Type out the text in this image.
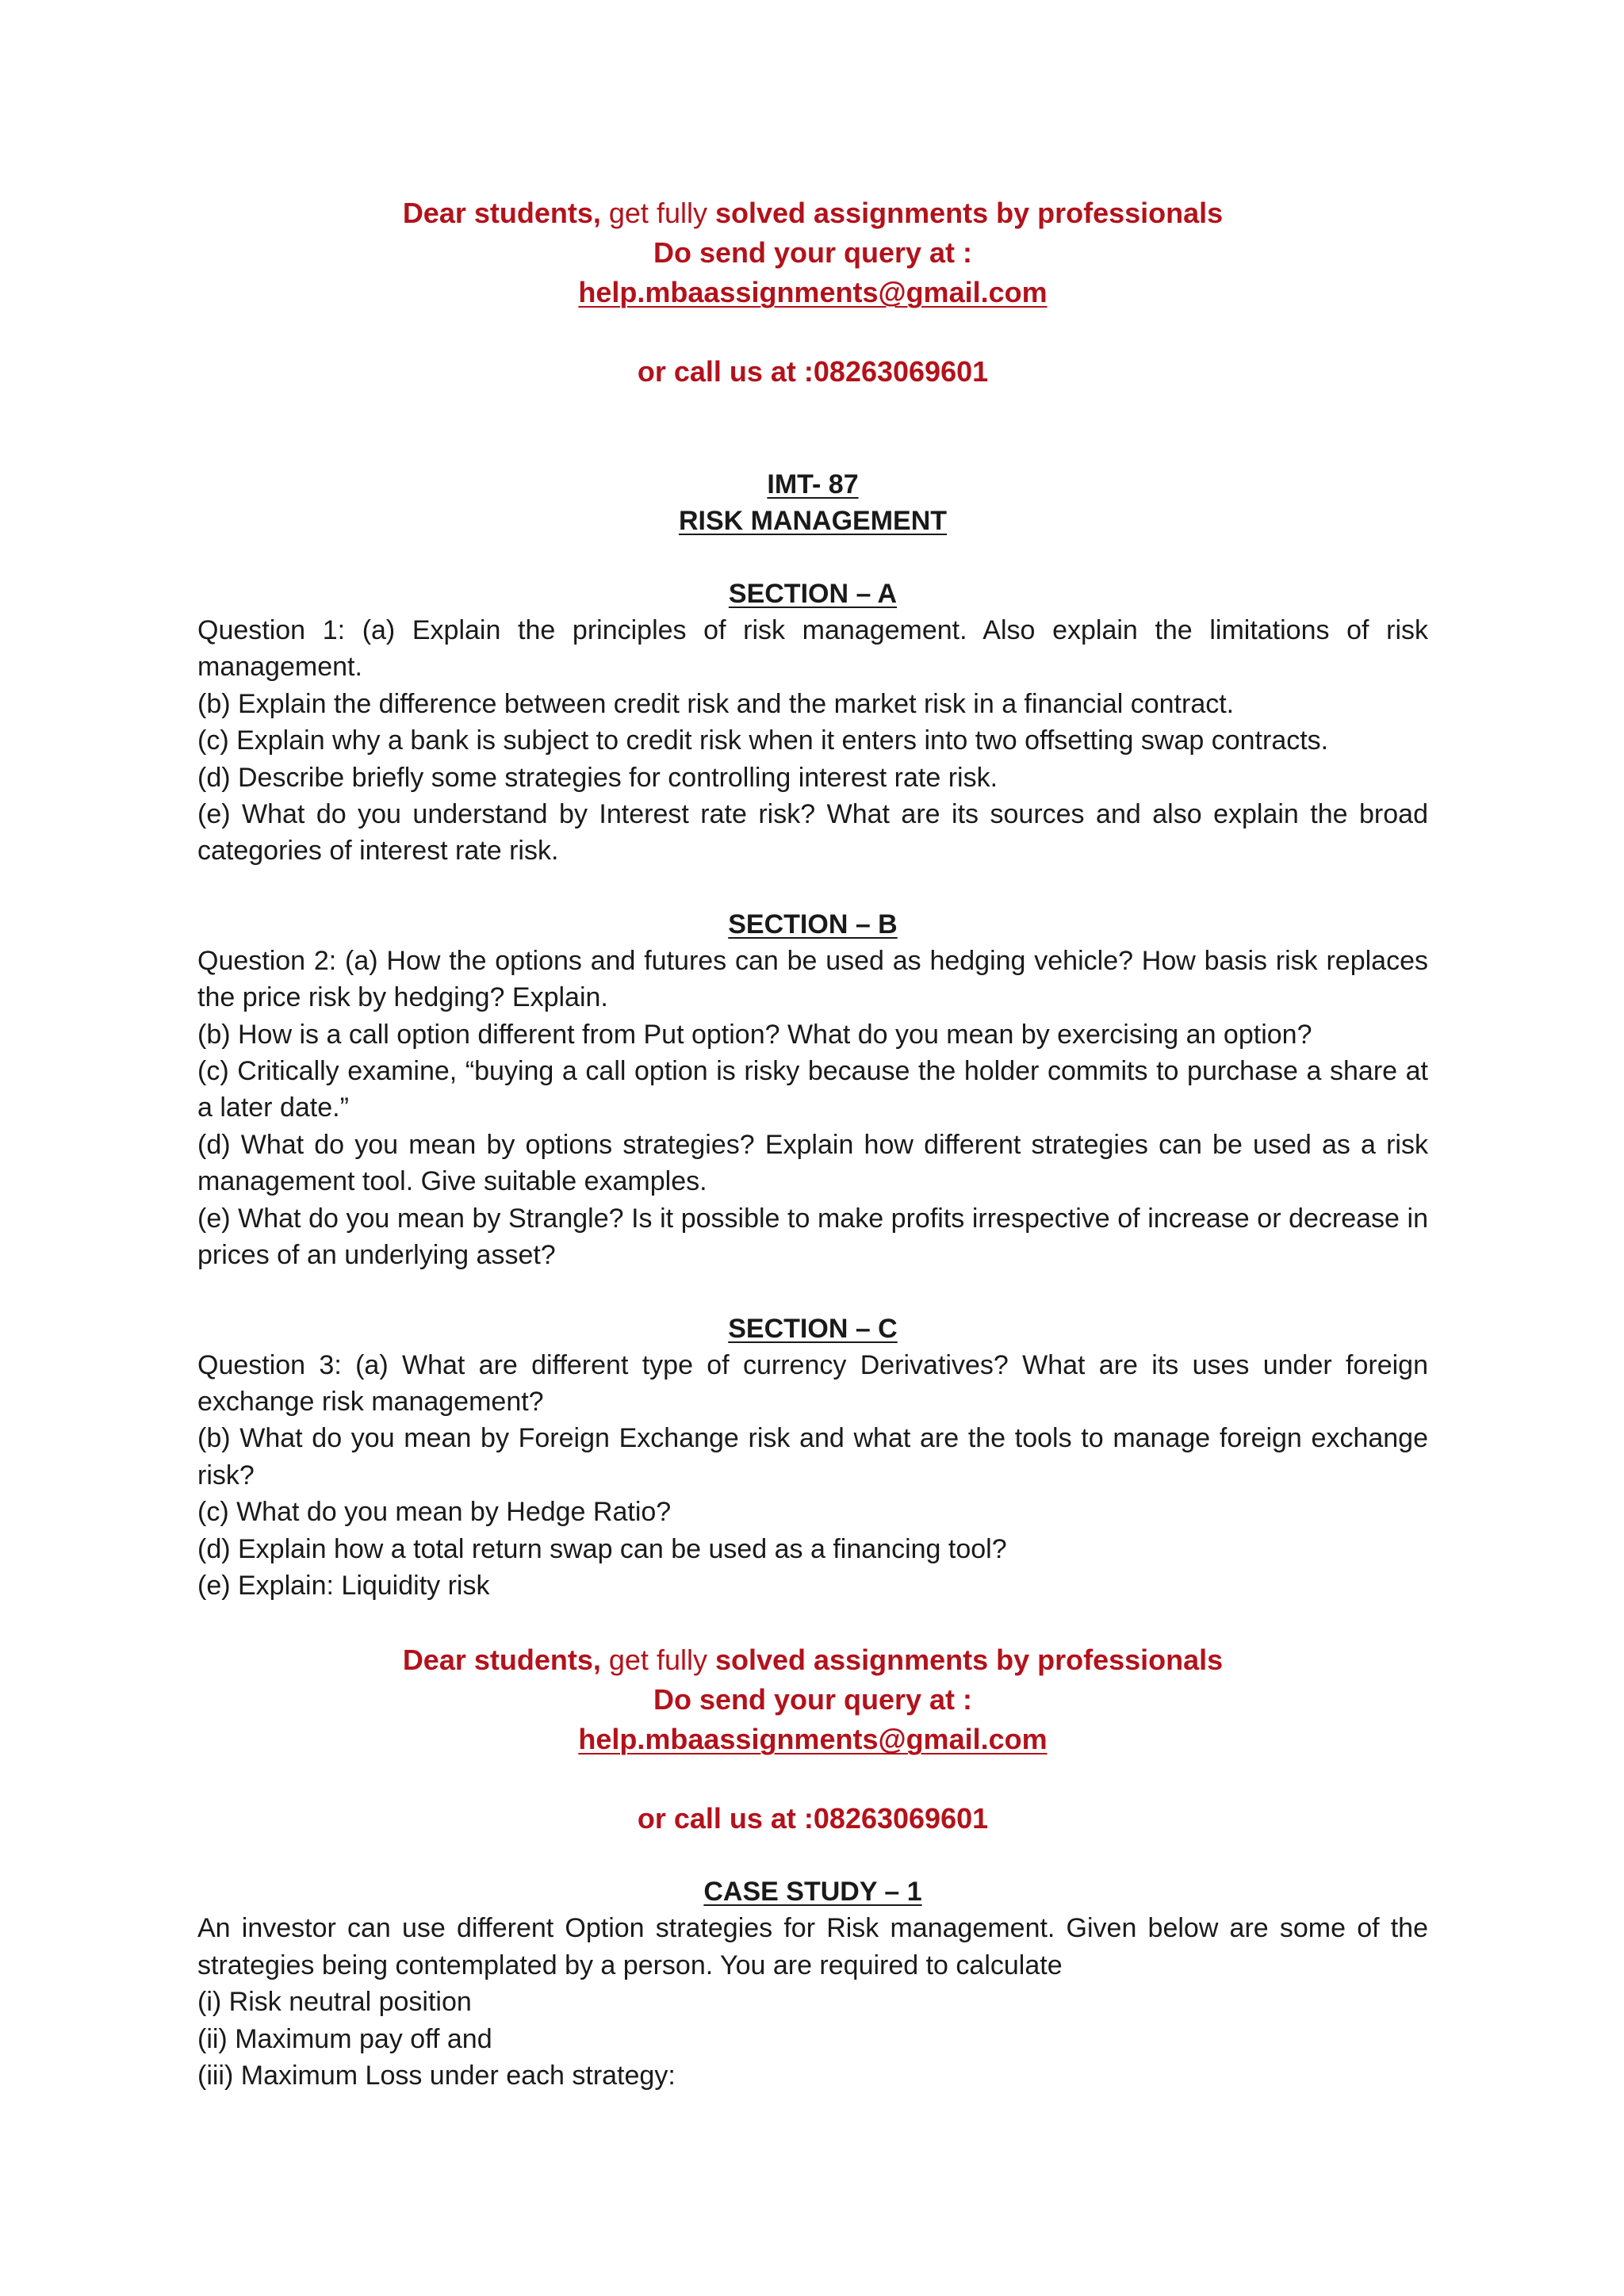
Dear students, get fully solved assignments by professionals
Do send your query at :
help.mbaassignments@gmail.com
or call us at :08263069601
IMT- 87
RISK MANAGEMENT
SECTION – A

Question 1: (a) Explain the principles of risk management. Also explain the limitations of risk management.

(b) Explain the difference between credit risk and the market risk in a financial contract.

(c) Explain why a bank is subject to credit risk when it enters into two offsetting swap contracts.

(d) Describe briefly some strategies for controlling interest rate risk.

(e) What do you understand by Interest rate risk? What are its sources and also explain the broad categories of interest rate risk.

SECTION – B

Question 2: (a) How the options and futures can be used as hedging vehicle? How basis risk replaces the price risk by hedging? Explain.

(b) How is a call option different from Put option? What do you mean by exercising an option?

(c) Critically examine, “buying a call option is risky because the holder commits to purchase a share at a later date.”

(d) What do you mean by options strategies? Explain how different strategies can be used as a risk management tool. Give suitable examples.

(e) What do you mean by Strangle? Is it possible to make profits irrespective of increase or decrease in prices of an underlying asset?

SECTION – C

Question 3: (a) What are different type of currency Derivatives? What are its uses under foreign exchange risk management?

(b) What do you mean by Foreign Exchange risk and what are the tools to manage foreign exchange risk?

(c) What do you mean by Hedge Ratio?

(d) Explain how a total return swap can be used as a financing tool?

(e) Explain: Liquidity risk

Dear students, get fully solved assignments by professionals
Do send your query at :
help.mbaassignments@gmail.com
or call us at :08263069601
CASE STUDY – 1

An investor can use different Option strategies for Risk management. Given below are some of the strategies being contemplated by a person. You are required to calculate

(i) Risk neutral position

(ii) Maximum pay off and

(iii) Maximum Loss under each strategy:
